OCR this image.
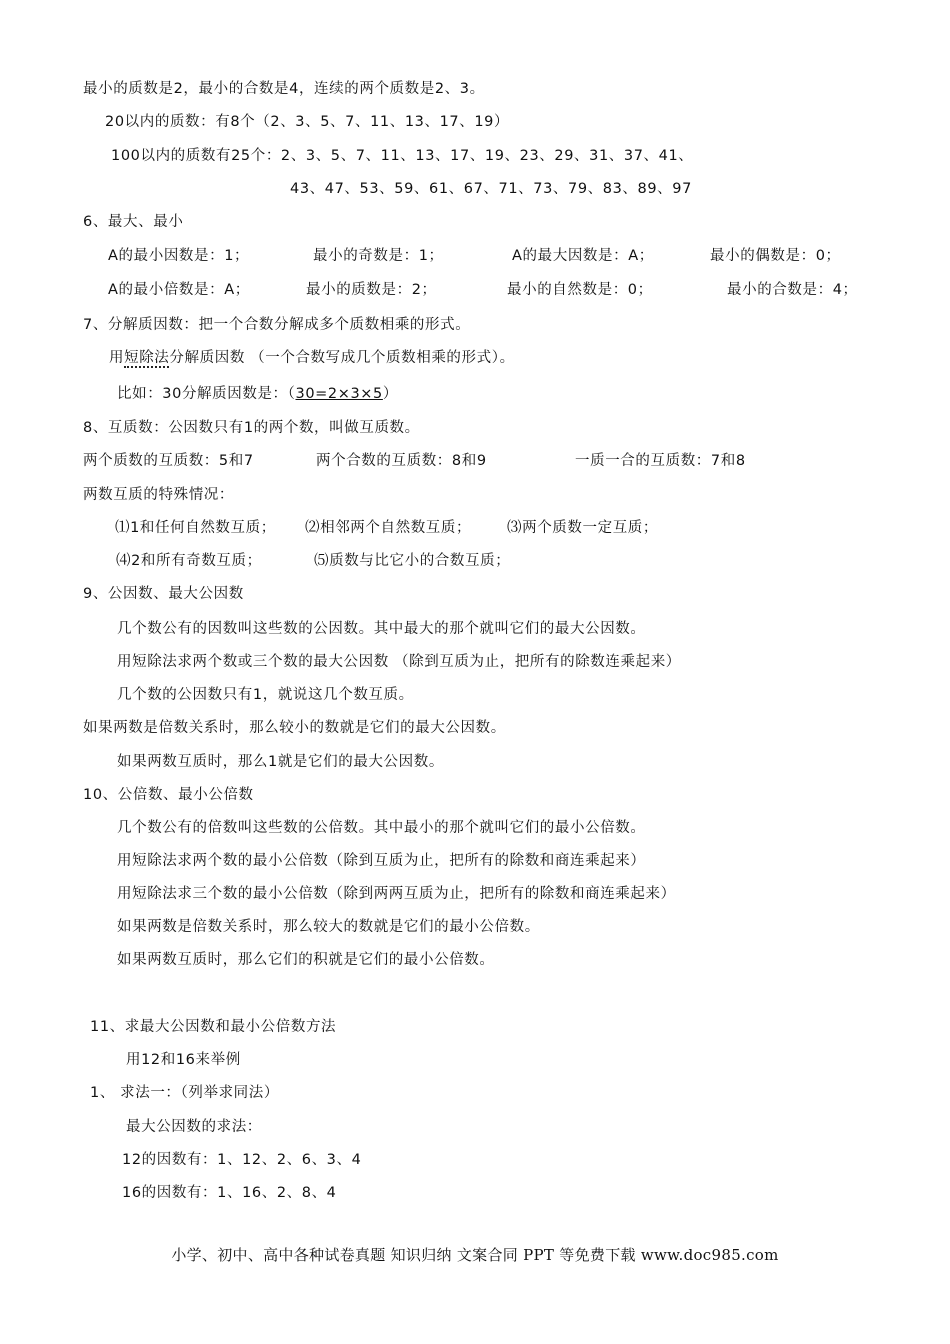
最小的质数是2，最小的合数是4，连续的两个质数是2、3。
20以内的质数：有8个（2、3、5、7、11、13、17、19）
100以内的质数有25个：2、3、5、7、11、13、17、19、23、29、31、37、41、
43、47、53、59、61、67、71、73、79、83、89、97
6、最大、最小
A的最小因数是：1；	最小的奇数是：1；	A的最大因数是：A；	最小的偶数是：0；
A的最小倍数是：A；	最小的质数是：2；	最小的自然数是：0；	最小的合数是：4；
7、分解质因数：把一个合数分解成多个质数相乘的形式。
用短除法分解质因数 （一个合数写成几个质数相乘的形式）。
比如：30分解质因数是：（30=2×3×5）
8、互质数：公因数只有1的两个数，叫做互质数。
两个质数的互质数：5和7	两个合数的互质数：8和9	一质一合的互质数：7和8
两数互质的特殊情况：
⑴1和任何自然数互质； ⑵相邻两个自然数互质； ⑶两个质数一定互质；
⑷2和所有奇数互质；	⑸质数与比它小的合数互质；
9、公因数、最大公因数
几个数公有的因数叫这些数的公因数。其中最大的那个就叫它们的最大公因数。
用短除法求两个数或三个数的最大公因数 （除到互质为止，把所有的除数连乘起来）
几个数的公因数只有1，就说这几个数互质。
如果两数是倍数关系时，那么较小的数就是它们的最大公因数。
如果两数互质时，那么1就是它们的最大公因数。
10、公倍数、最小公倍数
几个数公有的倍数叫这些数的公倍数。其中最小的那个就叫它们的最小公倍数。
用短除法求两个数的最小公倍数（除到互质为止，把所有的除数和商连乘起来）
用短除法求三个数的最小公倍数（除到两两互质为止，把所有的除数和商连乘起来）
如果两数是倍数关系时，那么较大的数就是它们的最小公倍数。
如果两数互质时，那么它们的积就是它们的最小公倍数。
11、求最大公因数和最小公倍数方法
用12和16来举例
1、 求法一：（列举求同法）
最大公因数的求法：
12的因数有：1、12、2、6、3、4
16的因数有：1、16、2、8、4
小学、初中、高中各种试卷真题 知识归纳 文案合同 PPT 等免费下载 www.doc985.com
